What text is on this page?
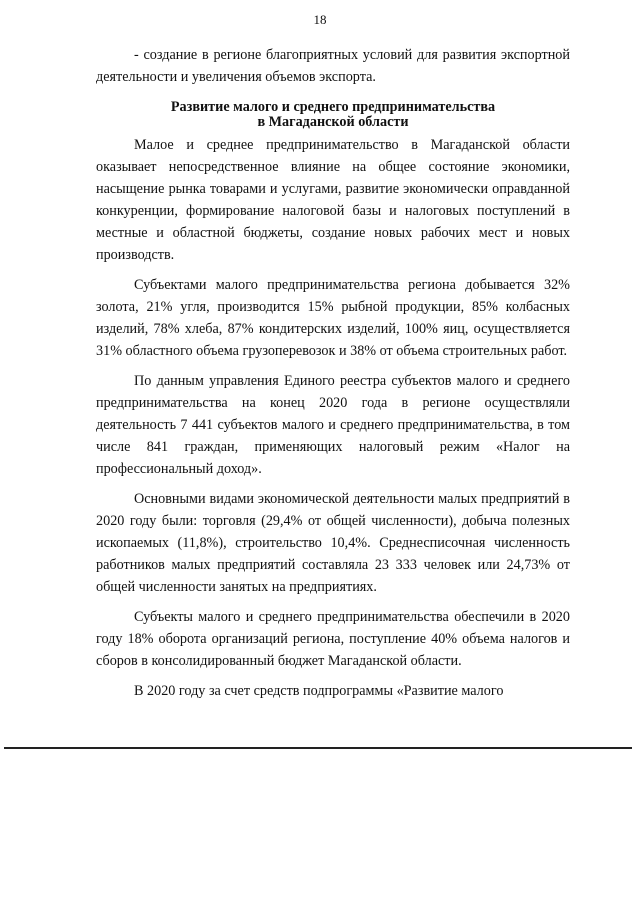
18

- создание в регионе благоприятных условий для развития экспортной деятельности и увеличения объемов экспорта.

Развитие малого и среднего предпринимательства
в Магаданской области

Малое и среднее предпринимательство в Магаданской области оказывает непосредственное влияние на общее состояние экономики, насыщение рынка товарами и услугами, развитие экономически оправданной конкуренции, формирование налоговой базы и налоговых поступлений в местные и областной бюджеты, создание новых рабочих мест и новых производств.

Субъектами малого предпринимательства региона добывается 32% золота, 21% угля, производится 15% рыбной продукции, 85% колбасных изделий, 78% хлеба, 87% кондитерских изделий, 100% яиц, осуществляется 31% областного объема грузоперевозок и 38% от объема строительных работ.

По данным управления Единого реестра субъектов малого и среднего предпринимательства на конец 2020 года в регионе осуществляли деятельность 7 441 субъектов малого и среднего предпринимательства, в том числе 841 граждан, применяющих налоговый режим «Налог на профессиональный доход».

Основными видами экономической деятельности малых предприятий в 2020 году были: торговля (29,4% от общей численности), добыча полезных ископаемых (11,8%), строительство 10,4%. Среднесписочная численность работников малых предприятий составляла 23 333 человек или 24,73% от общей численности занятых на предприятиях.

Субъекты малого и среднего предпринимательства обеспечили в 2020 году 18% оборота организаций региона, поступление 40% объема налогов и сборов в консолидированный бюджет Магаданской области.

В 2020 году за счет средств подпрограммы «Развитие малого
